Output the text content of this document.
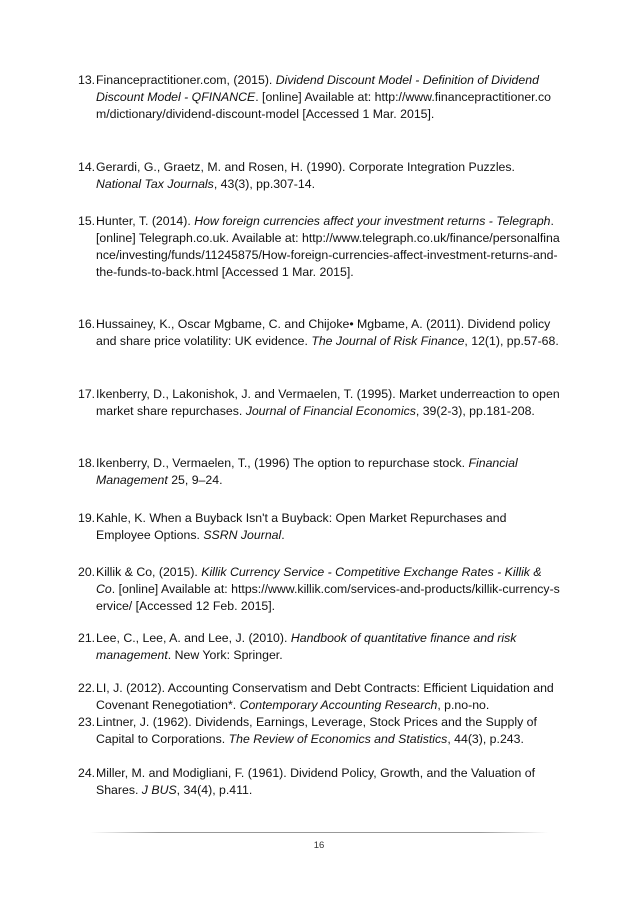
13. Financepractitioner.com, (2015). Dividend Discount Model - Definition of Dividend Discount Model - QFINANCE. [online] Available at: http://www.financepractitioner.com/dictionary/dividend-discount-model [Accessed 1 Mar. 2015].
14. Gerardi, G., Graetz, M. and Rosen, H. (1990). Corporate Integration Puzzles. National Tax Journals, 43(3), pp.307-14.
15. Hunter, T. (2014). How foreign currencies affect your investment returns - Telegraph. [online] Telegraph.co.uk. Available at: http://www.telegraph.co.uk/finance/personalfinance/investing/funds/11245875/How-foreign-currencies-affect-investment-returns-and-the-funds-to-back.html [Accessed 1 Mar. 2015].
16. Hussainey, K., Oscar Mgbame, C. and Chijoke• Mgbame, A. (2011). Dividend policy and share price volatility: UK evidence. The Journal of Risk Finance, 12(1), pp.57-68.
17. Ikenberry, D., Lakonishok, J. and Vermaelen, T. (1995). Market underreaction to open market share repurchases. Journal of Financial Economics, 39(2-3), pp.181-208.
18. Ikenberry, D., Vermaelen, T., (1996) The option to repurchase stock. Financial Management 25, 9–24.
19. Kahle, K. When a Buyback Isn't a Buyback: Open Market Repurchases and Employee Options. SSRN Journal.
20. Killik & Co, (2015). Killik Currency Service - Competitive Exchange Rates - Killik & Co. [online] Available at: https://www.killik.com/services-and-products/killik-currency-service/ [Accessed 12 Feb. 2015].
21. Lee, C., Lee, A. and Lee, J. (2010). Handbook of quantitative finance and risk management. New York: Springer.
22. LI, J. (2012). Accounting Conservatism and Debt Contracts: Efficient Liquidation and Covenant Renegotiation*. Contemporary Accounting Research, p.no-no.
23. Lintner, J. (1962). Dividends, Earnings, Leverage, Stock Prices and the Supply of Capital to Corporations. The Review of Economics and Statistics, 44(3), p.243.
24. Miller, M. and Modigliani, F. (1961). Dividend Policy, Growth, and the Valuation of Shares. J BUS, 34(4), p.411.
16
